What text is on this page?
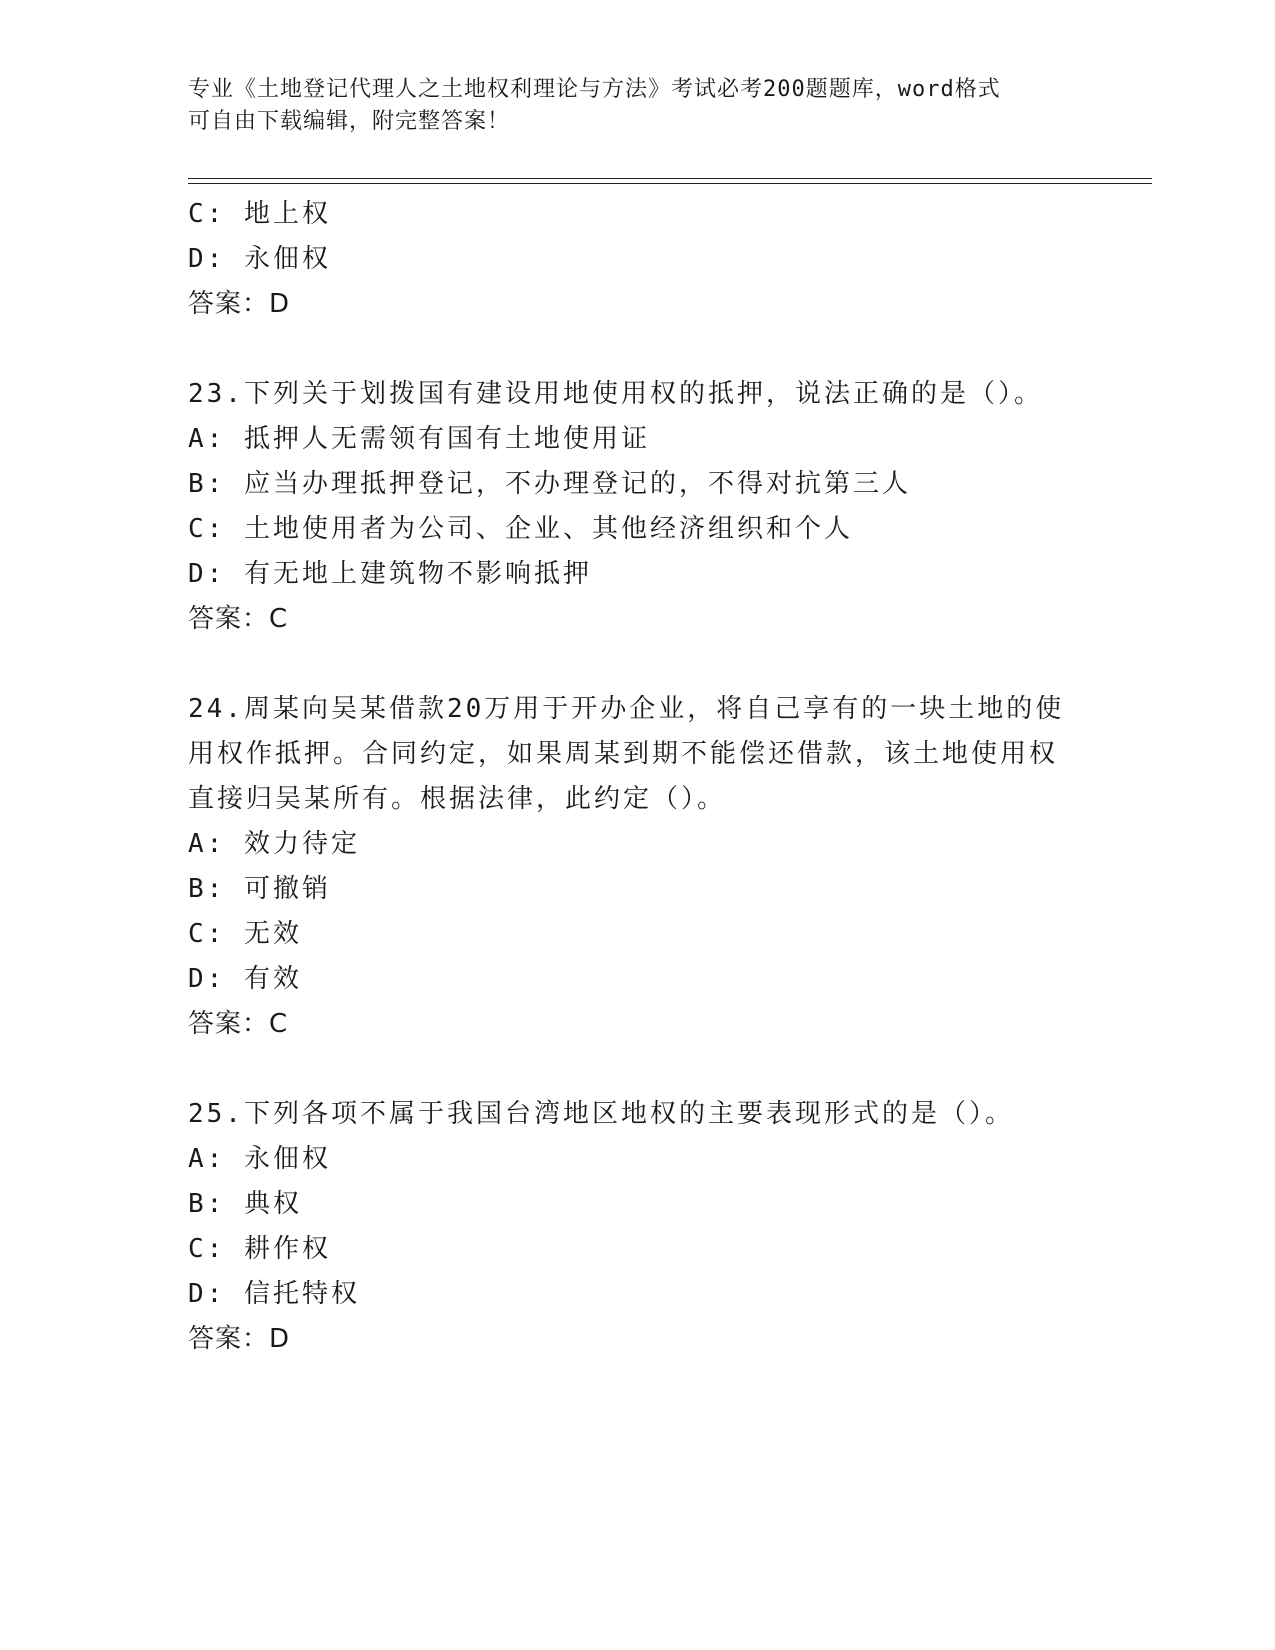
专业《土地登记代理人之土地权利理论与方法》考试必考200题题库，word格式
可自由下载编辑，附完整答案！
C: 地上权
D: 永佃权
答案：D
23.下列关于划拨国有建设用地使用权的抵押，说法正确的是（）。
A: 抵押人无需领有国有土地使用证
B: 应当办理抵押登记，不办理登记的，不得对抗第三人
C: 土地使用者为公司、企业、其他经济组织和个人
D: 有无地上建筑物不影响抵押
答案：C
24.周某向吴某借款20万用于开办企业，将自己享有的一块土地的使
用权作抵押。合同约定，如果周某到期不能偿还借款，该土地使用权
直接归吴某所有。根据法律，此约定（）。
A: 效力待定
B: 可撤销
C: 无效
D: 有效
答案：C
25.下列各项不属于我国台湾地区地权的主要表现形式的是（）。
A: 永佃权
B: 典权
C: 耕作权
D: 信托特权
答案：D
